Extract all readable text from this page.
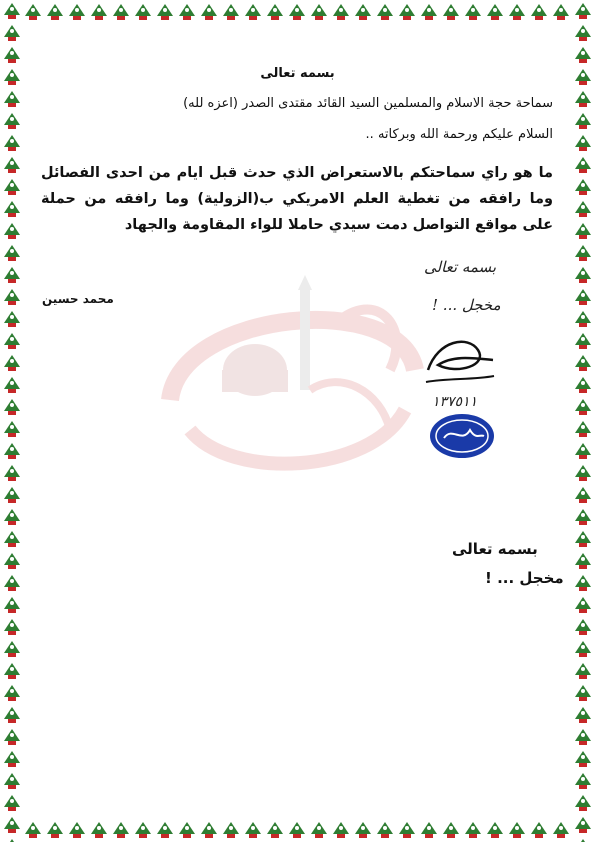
بسمه تعالى
سماحة حجة الاسلام والمسلمين السيد القائد مقتدى الصدر (اعزه لله)
السلام عليكم ورحمة الله وبركاته ..
ما هو راي سماحتكم بالاستعراض الذي حدث قبل ايام من احدى الفصائل وما رافقه من تغطية العلم الامريكي ب(الزولية) وما رافقه من حملة على مواقع التواصل دمت سيدي حاملا للواء المقاومة والجهاد
محمد حسين
بسمه تعالى
مخجل ... !
١٣٧٥١١
بسمه تعالى
مخجل ... !
